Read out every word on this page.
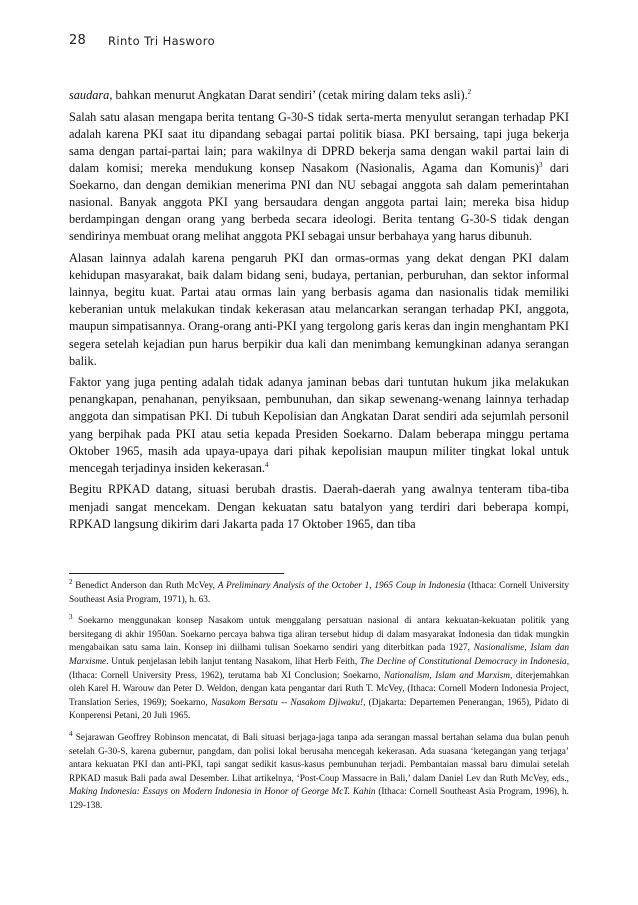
28 Rinto Tri Hasworo

saudara, bahkan menurut Angkatan Darat sendiri’ (cetak miring dalam teks asli).$^2$

Salah satu alasan mengapa berita tentang G-30-S tidak serta-merta menyulut serangan terhadap PKI adalah karena PKI saat itu dipandang sebagai partai politik biasa. PKI bersaing, tapi juga bekerja sama dengan partai-partai lain; para wakilnya di DPRD bekerja sama dengan wakil partai lain di dalam komisi; mereka mendukung konsep Nasakom (Nasionalis, Agama dan Komunis)$^3$ dari Soekarno, dan dengan demikian menerima PNI dan NU sebagai anggota sah dalam pemerintahan nasional. Banyak anggota PKI yang bersaudara dengan anggota partai lain; mereka bisa hidup berdampingan dengan orang yang berbeda secara ideologi. Berita tentang G-30-S tidak dengan sendirinya membuat orang melihat anggota PKI sebagai unsur berbahaya yang harus dibunuh.

Alasan lainnya adalah karena pengaruh PKI dan ormas-ormas yang dekat dengan PKI dalam kehidupan masyarakat, baik dalam bidang seni, budaya, pertanian, perburuhan, dan sektor informal lainnya, begitu kuat. Partai atau ormas lain yang berbasis agama dan nasionalis tidak memiliki keberanian untuk melakukan tindak kekerasan atau melancarkan serangan terhadap PKI, anggota, maupun simpatisannya. Orang-orang anti-PKI yang tergolong garis keras dan ingin menghantam PKI segera setelah kejadian pun harus berpikir dua kali dan menimbang kemungkinan adanya serangan balik.

Faktor yang juga penting adalah tidak adanya jaminan bebas dari tuntutan hukum jika melakukan penangkapan, penahanan, penyiksaan, pembunuhan, dan sikap sewenang-wenang lainnya terhadap anggota dan simpatisan PKI. Di tubuh Kepolisian dan Angkatan Darat sendiri ada sejumlah personil yang berpihak pada PKI atau setia kepada Presiden Soekarno. Dalam beberapa minggu pertama Oktober 1965, masih ada upaya-upaya dari pihak kepolisian maupun militer tingkat lokal untuk mencegah terjadinya insiden kekerasan.$^4$

Begitu RPKAD datang, situasi berubah drastis. Daerah-daerah yang awalnya tenteram tiba-tiba menjadi sangat mencekam. Dengan kekuatan satu batalyon yang terdiri dari beberapa kompi, RPKAD langsung dikirim dari Jakarta pada 17 Oktober 1965, dan tiba

$^2$ Benedict Anderson dan Ruth McVey, A Preliminary Analysis of the October 1, 1965 Coup in Indonesia (Ithaca: Cornell University Southeast Asia Program, 1971), h. 63.

$^3$ Soekarno menggunakan konsep Nasakom untuk menggalang persatuan nasional di antara kekuatan-kekuatan politik yang bersitegang di akhir 1950an. Soekarno percaya bahwa tiga aliran tersebut hidup di dalam masyarakat Indonesia dan tidak mungkin mengabaikan satu sama lain. Konsep ini diilhami tulisan Soekarno sendiri yang diterbitkan pada 1927, Nasionalisme, Islam dan Marxisme. Untuk penjelasan lebih lanjut tentang Nasakom, lihat Herb Feith, The Decline of Constitutional Democracy in Indonesia, (Ithaca: Cornell University Press, 1962), terutama bab XI Conclusion; Soekarno, Nationalism, Islam and Marxism, diterjemahkan oleh Karel H. Warouw dan Peter D. Weldon, dengan kata pengantar dari Ruth T. McVey, (Ithaca: Cornell Modern Indonesia Project, Translation Series, 1969); Soekarno, Nasakom Bersatu -- Nasakom Djiwaku!, (Djakarta: Departemen Penerangan, 1965), Pidato di Konperensi Petani, 20 Juli 1965.

$^4$ Sejarawan Geoffrey Robinson mencatat, di Bali situasi berjaga-jaga tanpa ada serangan massal bertahan selama dua bulan penuh setelah G-30-S, karena gubernur, pangdam, dan polisi lokal berusaha mencegah kekerasan. Ada suasana ‘ketegangan yang terjaga’ antara kekuatan PKI dan anti-PKI, tapi sangat sedikit kasus-kasus pembunuhan terjadi. Pembantaian massal baru dimulai setelah RPKAD masuk Bali pada awal Desember. Lihat artikelnya, ‘Post-Coup Massacre in Bali,’ dalam Daniel Lev dan Ruth McVey, eds., Making Indonesia: Essays on Modern Indonesia in Honor of George McT. Kahin (Ithaca: Cornell Southeast Asia Program, 1996), h. 129-138.
